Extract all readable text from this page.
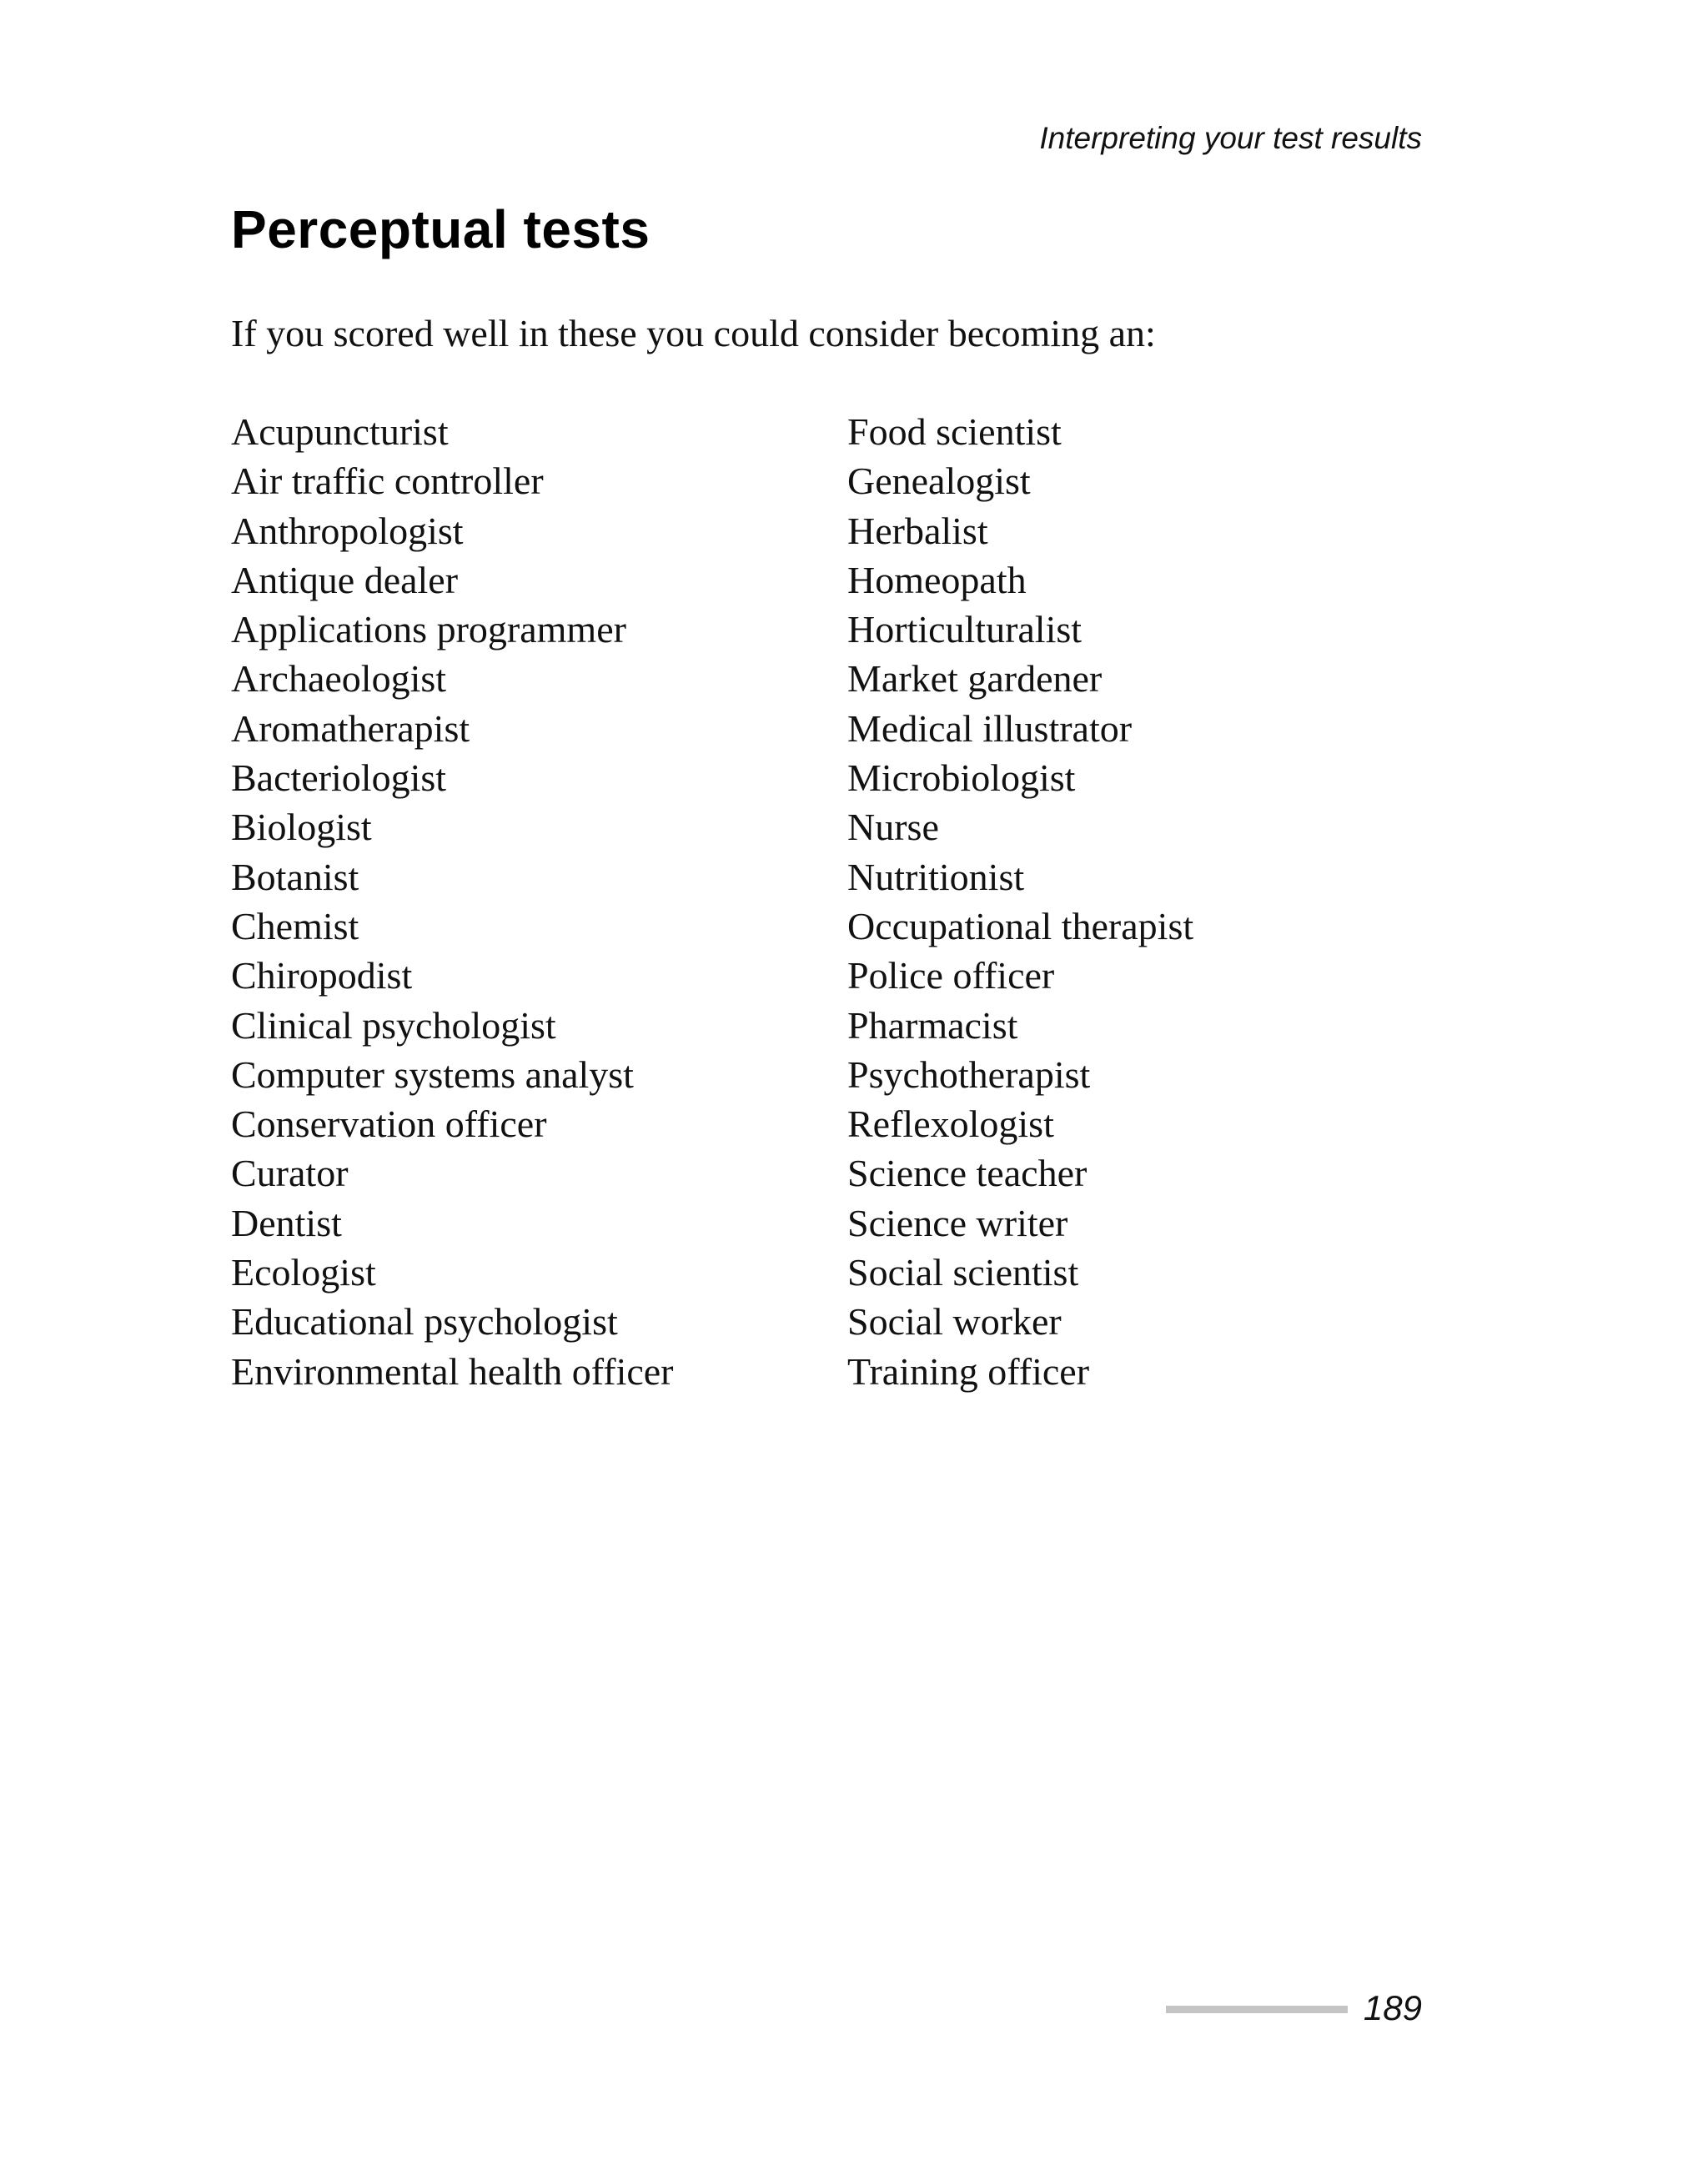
Interpreting your test results
Perceptual tests

If you scored well in these you could consider becoming an:

Acupuncturist
Air traffic controller
Anthropologist
Antique dealer
Applications programmer
Archaeologist
Aromatherapist
Bacteriologist
Biologist
Botanist
Chemist
Chiropodist
Clinical psychologist
Computer systems analyst
Conservation officer
Curator
Dentist
Ecologist
Educational psychologist
Environmental health officer
Food scientist
Genealogist
Herbalist
Homeopath
Horticulturalist
Market gardener
Medical illustrator
Microbiologist
Nurse
Nutritionist
Occupational therapist
Police officer
Pharmacist
Psychotherapist
Reflexologist
Science teacher
Science writer
Social scientist
Social worker
Training officer
189
